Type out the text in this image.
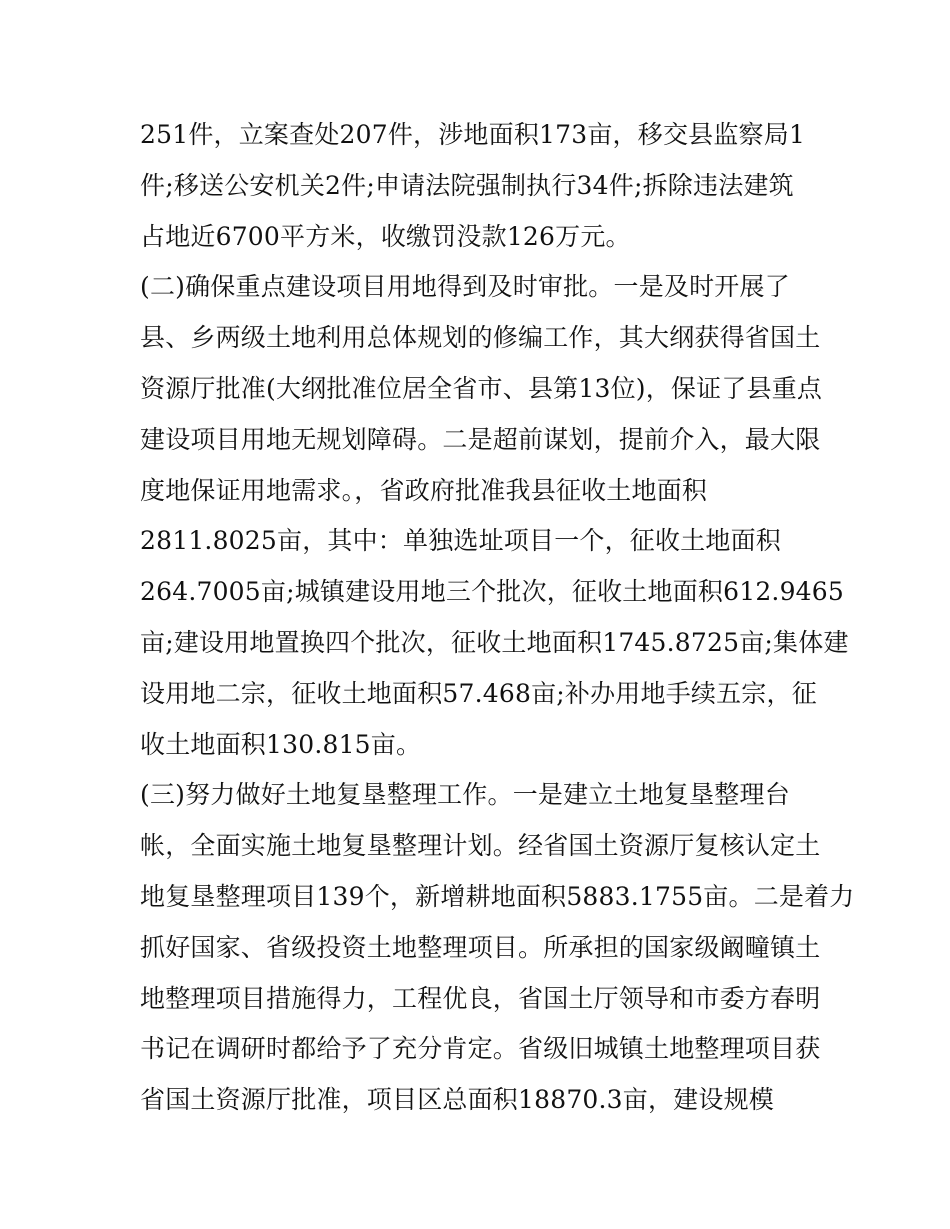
251件，立案查处207件，涉地面积173亩，移交县监察局1
件;移送公安机关2件;申请法院强制执行34件;拆除违法建筑
占地近6700平方米，收缴罚没款126万元。
(二)确保重点建设项目用地得到及时审批。一是及时开展了
县、乡两级土地利用总体规划的修编工作，其大纲获得省国土
资源厅批准(大纲批准位居全省市、县第13位)，保证了县重点
建设项目用地无规划障碍。二是超前谋划，提前介入，最大限
度地保证用地需求。，省政府批准我县征收土地面积
2811.8025亩，其中：单独选址项目一个，征收土地面积
264.7005亩;城镇建设用地三个批次，征收土地面积612.9465
亩;建设用地置换四个批次，征收土地面积1745.8725亩;集体建
设用地二宗，征收土地面积57.468亩;补办用地手续五宗，征
收土地面积130.815亩。
(三)努力做好土地复垦整理工作。一是建立土地复垦整理台
帐，全面实施土地复垦整理计划。经省国土资源厅复核认定土
地复垦整理项目139个，新增耕地面积5883.1755亩。二是着力
抓好国家、省级投资土地整理项目。所承担的国家级阚疃镇土
地整理项目措施得力，工程优良，省国土厅领导和市委方春明
书记在调研时都给予了充分肯定。省级旧城镇土地整理项目获
省国土资源厅批准，项目区总面积18870.3亩，建设规模
